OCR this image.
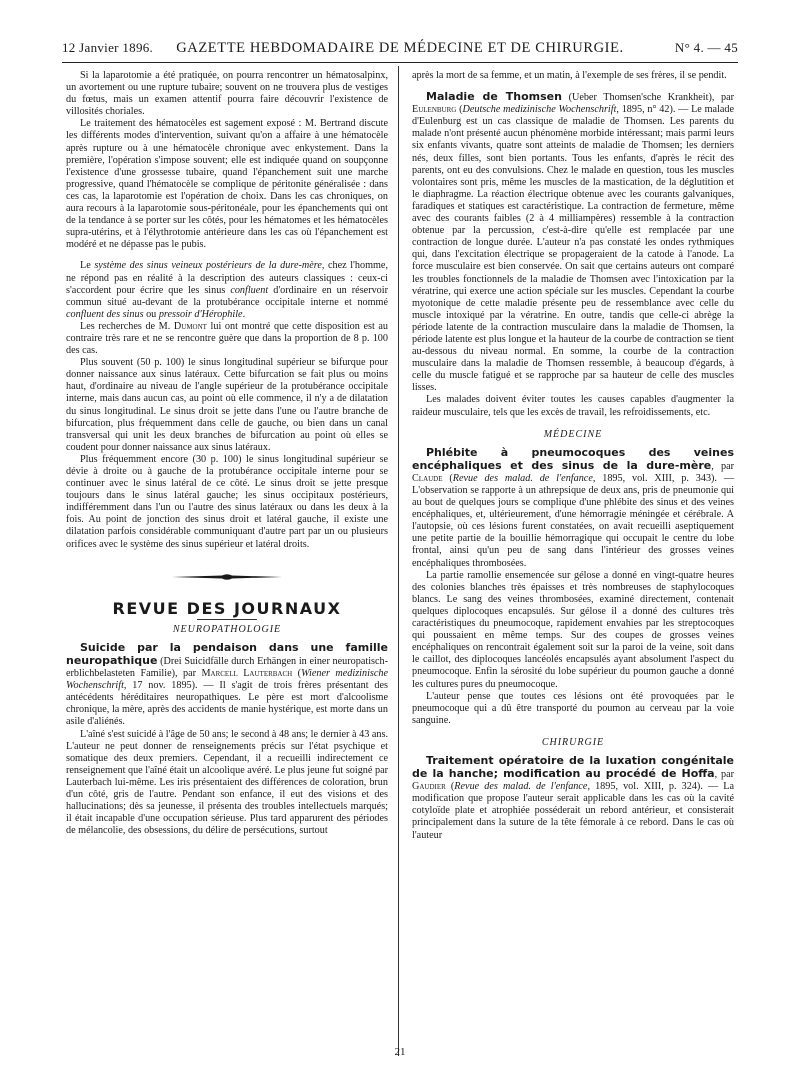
12 Janvier 1896.	GAZETTE HEBDOMADAIRE DE MÉDECINE ET DE CHIRURGIE.	N° 4. — 45

Si la laparotomie a été pratiquée, on pourra rencontrer un hématosalpinx, un avortement ou une rupture tubaire; souvent on ne trouvera plus de vestiges du fœtus, mais un examen attentif pourra faire découvrir l'existence de villosités choriales.

Le traitement des hématocèles est sagement exposé : M. Bertrand discute les différents modes d'intervention, suivant qu'on a affaire à une hématocèle après rupture ou à une hématocèle chronique avec enkystement. Dans la première, l'opération s'impose souvent; elle est indiquée quand on soupçonne l'existence d'une grossesse tubaire, quand l'épanchement suit une marche progressive, quand l'hématocèle se complique de péritonite généralisée : dans ces cas, la laparotomie est l'opération de choix. Dans les cas chroniques, on aura recours à la laparotomie sous-péritonéale, pour les épanchements qui ont de la tendance à se porter sur les côtés, pour les hématomes et les hématocèles supra-utérins, et à l'élythrotomie antérieure dans les cas où l'épanchement est modéré et ne dépasse pas le pubis.

Le système des sinus veineux postérieurs de la dure-mère, chez l'homme, ne répond pas en réalité à la description des auteurs classiques : ceux-ci s'accordent pour écrire que les sinus confluent d'ordinaire en un réservoir commun situé au-devant de la protubérance occipitale interne et nommé confluent des sinus ou pressoir d'Hérophile.

Les recherches de M. Dumont lui ont montré que cette disposition est au contraire très rare et ne se rencontre guère que dans la proportion de 8 p. 100 des cas.

Plus souvent (50 p. 100) le sinus longitudinal supérieur se bifurque pour donner naissance aux sinus latéraux. Cette bifurcation se fait plus ou moins haut, d'ordinaire au niveau de l'angle supérieur de la protubérance occipitale interne, mais dans aucun cas, au point où elle commence, il n'y a de dilatation du sinus longitudinal. Le sinus droit se jette dans l'une ou l'autre branche de bifurcation, plus fréquemment dans celle de gauche, ou bien dans un canal transversal qui unit les deux branches de bifurcation au point où elles se coudent pour donner naissance aux sinus latéraux.

Plus fréquemment encore (30 p. 100) le sinus longitudinal supérieur se dévie à droite ou à gauche de la protubérance occipitale interne pour se continuer avec le sinus latéral de ce côté. Le sinus droit se jette presque toujours dans le sinus latéral gauche; les sinus occipitaux postérieurs, indifféremment dans l'un ou l'autre des sinus latéraux ou dans les deux à la fois. Au point de jonction des sinus droit et latéral gauche, il existe une dilatation parfois considérable communiquant d'autre part par un ou plusieurs orifices avec le système des sinus supérieur et latéral droits.

REVUE DES JOURNAUX

NEUROPATHOLOGIE

Suicide par la pendaison dans une famille neuropathique (Drei Suicidfälle durch Erhängen in einer neuropatisch-erblichbelasteten Familie), par Marcell Lauterbach (Wiener medizinische Wochenschrift, 17 nov. 1895). — Il s'agit de trois frères présentant des antécédents héréditaires neuropathiques. Le père est mort d'alcoolisme chronique, la mère, après des accidents de manie hystérique, est morte dans un asile d'aliénés.

L'aîné s'est suicidé à l'âge de 50 ans; le second à 48 ans; le dernier à 43 ans. L'auteur ne peut donner de renseignements précis sur l'état psychique et somatique des deux premiers. Cependant, il a recueilli indirectement ce renseignement que l'aîné était un alcoolique avéré. Le plus jeune fut soigné par Lauterbach lui-même. Les iris présentaient des différences de coloration, brun d'un côté, gris de l'autre. Pendant son enfance, il eut des visions et des hallucinations; dès sa jeunesse, il présenta des troubles intellectuels marqués; il était incapable d'une occupation sérieuse. Plus tard apparurent des périodes de mélancolie, des obsessions, du délire de persécutions, surtout

après la mort de sa femme, et un matin, à l'exemple de ses frères, il se pendit.

Maladie de Thomsen (Ueber Thomsen'sche Krankheit), par Eulenburg (Deutsche medizinische Wochenschrift, 1895, n° 42). — Le malade d'Eulenburg est un cas classique de maladie de Thomsen. Les parents du malade n'ont présenté aucun phénomène morbide intéressant; mais parmi leurs six enfants vivants, quatre sont atteints de maladie de Thomsen; les derniers nés, deux filles, sont bien portants. Tous les enfants, d'après le récit des parents, ont eu des convulsions. Chez le malade en question, tous les muscles volontaires sont pris, même les muscles de la mastication, de la déglutition et le diaphragme. La réaction électrique obtenue avec les courants galvaniques, faradiques et statiques est caractéristique. La contraction de fermeture, même avec des courants faibles (2 à 4 milliampères) ressemble à la contraction obtenue par la percussion, c'est-à-dire qu'elle est remplacée par une contraction de longue durée. L'auteur n'a pas constaté les ondes rythmiques qui, dans l'excitation électrique se propageraient de la catode à l'anode. La force musculaire est bien conservée. On sait que certains auteurs ont comparé les troubles fonctionnels de la maladie de Thomsen avec l'intoxication par la vératrine, qui exerce une action spéciale sur les muscles. Cependant la courbe myotonique de cette maladie présente peu de ressemblance avec celle du muscle intoxiqué par la vératrine. En outre, tandis que celle-ci abrège la période latente de la contraction musculaire dans la maladie de Thomsen, la période latente est plus longue et la hauteur de la courbe de contraction se tient au-dessous du niveau normal. En somme, la courbe de la contraction musculaire dans la maladie de Thomsen ressemble, à beaucoup d'égards, à celle du muscle fatigué et se rapproche par sa hauteur de celle des muscles lisses.

Les malades doivent éviter toutes les causes capables d'augmenter la raideur musculaire, tels que les excès de travail, les refroidissements, etc.

MÉDECINE

Phlébite à pneumocoques des veines encéphaliques et des sinus de la dure-mère, par Claude (Revue des malad. de l'enfance, 1895, vol. XIII, p. 343). — L'observation se rapporte à un athrepsique de deux ans, pris de pneumonie qui au bout de quelques jours se complique d'une phlébite des sinus et des veines encéphaliques, et, ultérieurement, d'une hémorragie méningée et cérébrale. A l'autopsie, où ces lésions furent constatées, on avait recueilli aseptiquement une petite partie de la bouillie hémorragique qui occupait le centre du lobe frontal, ainsi qu'un peu de sang dans l'intérieur des grosses veines encéphaliques thrombosées.

La partie ramollie ensemencée sur gélose a donné en vingt-quatre heures des colonies blanches très épaisses et très nombreuses de staphylocoques blancs. Le sang des veines thrombosées, examiné directement, contenait quelques diplocoques encapsulés. Sur gélose il a donné des cultures très caractéristiques du pneumocoque, rapidement envahies par les streptocoques qui poussaient en même temps. Sur des coupes de grosses veines encéphaliques on rencontrait également soit sur la paroi de la veine, soit dans le caillot, des diplocoques lancéolés encapsulés ayant absolument l'aspect du pneumocoque. Enfin la sérosité du lobe supérieur du poumon gauche a donné les cultures pures du pneumocoque.

L'auteur pense que toutes ces lésions ont été provoquées par le pneumocoque qui a dû être transporté du poumon au cerveau par la voie sanguine.

CHIRURGIE

Traitement opératoire de la luxation congénitale de la hanche; modification au procédé de Hoffa, par Gaudier (Revue des malad. de l'enfance, 1895, vol. XIII, p. 324). — La modification que propose l'auteur serait applicable dans les cas où la cavité cotyloïde plate et atrophiée posséderait un rebord antérieur, et consisterait principalement dans la suture de la tête fémorale à ce rebord. Dans le cas où l'auteur

21
